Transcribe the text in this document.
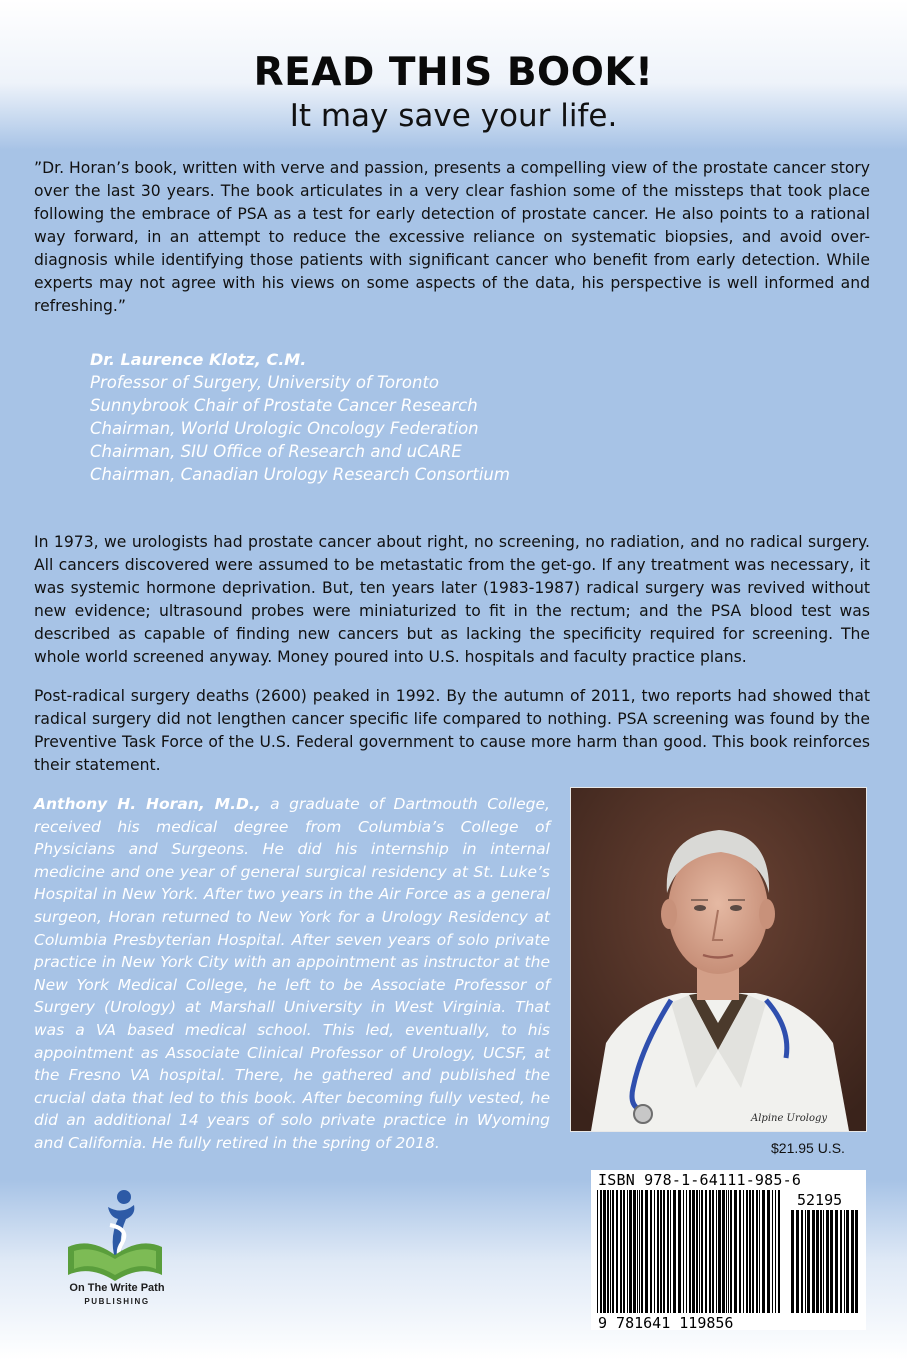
READ THIS BOOK!
It may save your life.

”Dr. Horan’s book, written with verve and passion, presents a compelling view of the prostate cancer story over the last 30 years. The book articulates in a very clear fashion some of the missteps that took place following the embrace of PSA as a test for early detection of prostate cancer. He also points to a rational way forward, in an attempt to reduce the excessive reliance on systematic biopsies, and avoid over-diagnosis while identifying those patients with significant cancer who benefit from early detection. While experts may not agree with his views on some aspects of the data, his perspective is well informed and refreshing.”

Dr. Laurence Klotz, C.M.
Professor of Surgery, University of Toronto
Sunnybrook Chair of Prostate Cancer Research
Chairman, World Urologic Oncology Federation
Chairman, SIU Office of Research and uCARE
Chairman, Canadian Urology Research Consortium

In 1973, we urologists had prostate cancer about right, no screening, no radiation, and no radical surgery. All cancers discovered were assumed to be metastatic from the get-go. If any treatment was necessary, it was systemic hormone deprivation. But, ten years later (1983-1987) radical surgery was revived without new evidence; ultrasound probes were miniaturized to fit in the rectum; and the PSA blood test was described as capable of finding new cancers but as lacking the specificity required for screening. The whole world screened anyway. Money poured into U.S. hospitals and faculty practice plans.

Post-radical surgery deaths (2600) peaked in 1992. By the autumn of 2011, two reports had showed that radical surgery did not lengthen cancer specific life compared to nothing. PSA screening was found by the Preventive Task Force of the U.S. Federal government to cause more harm than good. This book reinforces their statement.

Anthony H. Horan, M.D., a graduate of Dartmouth College, received his medical degree from Columbia’s College of Physicians and Surgeons. He did his internship in internal medicine and one year of general surgical residency at St. Luke’s Hospital in New York. After two years in the Air Force as a general surgeon, Horan returned to New York for a Urology Residency at Columbia Presbyterian Hospital. After seven years of solo private practice in New York City with an appointment as instructor at the New York Medical College, he left to be Associate Professor of Surgery (Urology) at Marshall University in West Virginia. That was a VA based medical school. This led, eventually, to his appointment as Associate Clinical Professor of Urology, UCSF, at the Fresno VA hospital. There, he gathered and published the crucial data that led to this book. After becoming fully vested, he did an additional 14 years of solo private practice in Wyoming and California. He fully retired in the spring of 2018.

Alpine Urology
$21.95 U.S.
On The Write Path
PUBLISHING
ISBN 978-1-64111-985-6
52195
9 781641 119856
